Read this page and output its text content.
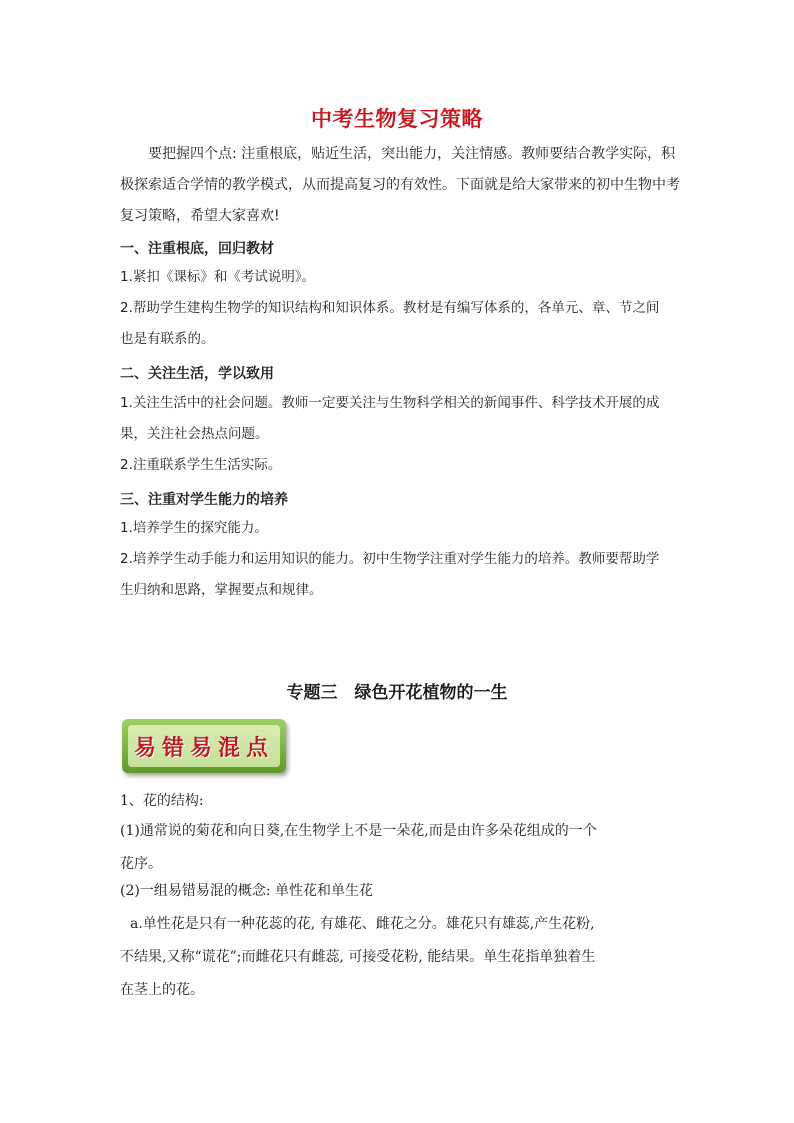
中考生物复习策略
要把握四个点: 注重根底，贴近生活，突出能力，关注情感。教师要结合教学实际，积
极探索适合学情的教学模式，从而提高复习的有效性。下面就是给大家带来的初中生物中考
复习策略，希望大家喜欢!
一、注重根底，回归教材
1.紧扣《课标》和《考试说明》。
2.帮助学生建构生物学的知识结构和知识体系。教材是有编写体系的，各单元、章、节之间
也是有联系的。
二、关注生活，学以致用
1.关注生活中的社会问题。教师一定要关注与生物科学相关的新闻事件、科学技术开展的成
果，关注社会热点问题。
2.注重联系学生生活实际。
三、注重对学生能力的培养
1.培养学生的探究能力。
2.培养学生动手能力和运用知识的能力。初中生物学注重对学生能力的培养。教师要帮助学
生归纳和思路，掌握要点和规律。
专题三　绿色开花植物的一生
易错易混点
1、花的结构:
(1)通常说的菊花和向日葵,在生物学上不是一朵花,而是由许多朵花组成的一个
花序。
(2)一组易错易混的概念: 单性花和单生花
a.单性花是只有一种花蕊的花, 有雄花、雌花之分。雄花只有雄蕊,产生花粉,
不结果,又称“谎花”;而雌花只有雌蕊, 可接受花粉, 能结果。单生花指单独着生
在茎上的花。
